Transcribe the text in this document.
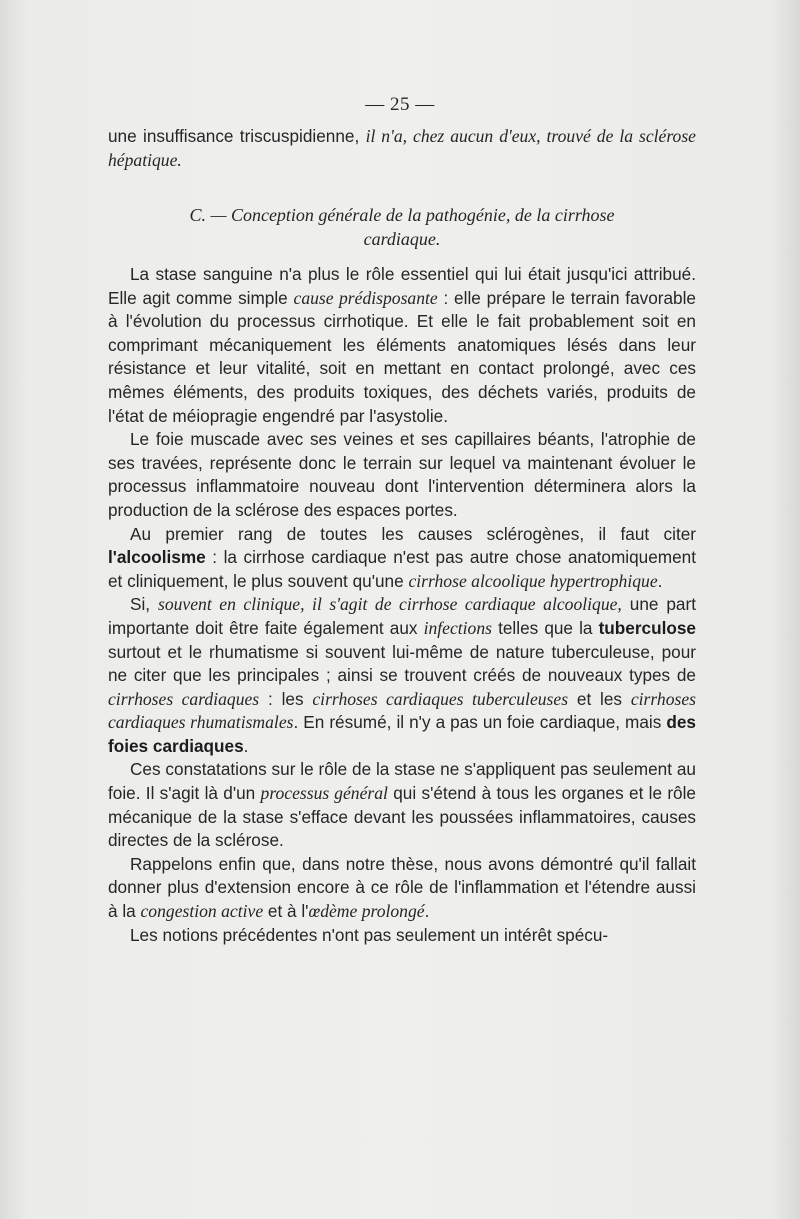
— 25 —

une insuffisance triscuspidienne, il n'a, chez aucun d'eux, trouvé de la sclérose hépatique.

C. — Conception générale de la pathogénie, de la cirrhose
cardiaque.

La stase sanguine n'a plus le rôle essentiel qui lui était jusqu'ici attribué. Elle agit comme simple cause prédisposante : elle prépare le terrain favorable à l'évolution du processus cirrhotique. Et elle le fait probablement soit en comprimant mécaniquement les éléments anatomiques lésés dans leur résistance et leur vitalité, soit en mettant en contact prolongé, avec ces mêmes éléments, des produits toxiques, des déchets variés, produits de l'état de méiopragie engendré par l'asystolie.

Le foie muscade avec ses veines et ses capillaires béants, l'atrophie de ses travées, représente donc le terrain sur lequel va maintenant évoluer le processus inflammatoire nouveau dont l'intervention déterminera alors la production de la sclérose des espaces portes.

Au premier rang de toutes les causes sclérogènes, il faut citer l'alcoolisme : la cirrhose cardiaque n'est pas autre chose anatomiquement et cliniquement, le plus souvent qu'une cirrhose alcoolique hypertrophique.

Si, souvent en clinique, il s'agit de cirrhose cardiaque alcoolique, une part importante doit être faite également aux infections telles que la tuberculose surtout et le rhumatisme si souvent lui-même de nature tuberculeuse, pour ne citer que les principales ; ainsi se trouvent créés de nouveaux types de cirrhoses cardiaques : les cirrhoses cardiaques tuberculeuses et les cirrhoses cardiaques rhumatismales. En résumé, il n'y a pas un foie cardiaque, mais des foies cardiaques.

Ces constatations sur le rôle de la stase ne s'appliquent pas seulement au foie. Il s'agit là d'un processus général qui s'étend à tous les organes et le rôle mécanique de la stase s'efface devant les poussées inflammatoires, causes directes de la sclérose.

Rappelons enfin que, dans notre thèse, nous avons démontré qu'il fallait donner plus d'extension encore à ce rôle de l'inflammation et l'étendre aussi à la congestion active et à l'œdème prolongé.

Les notions précédentes n'ont pas seulement un intérêt spécu-
